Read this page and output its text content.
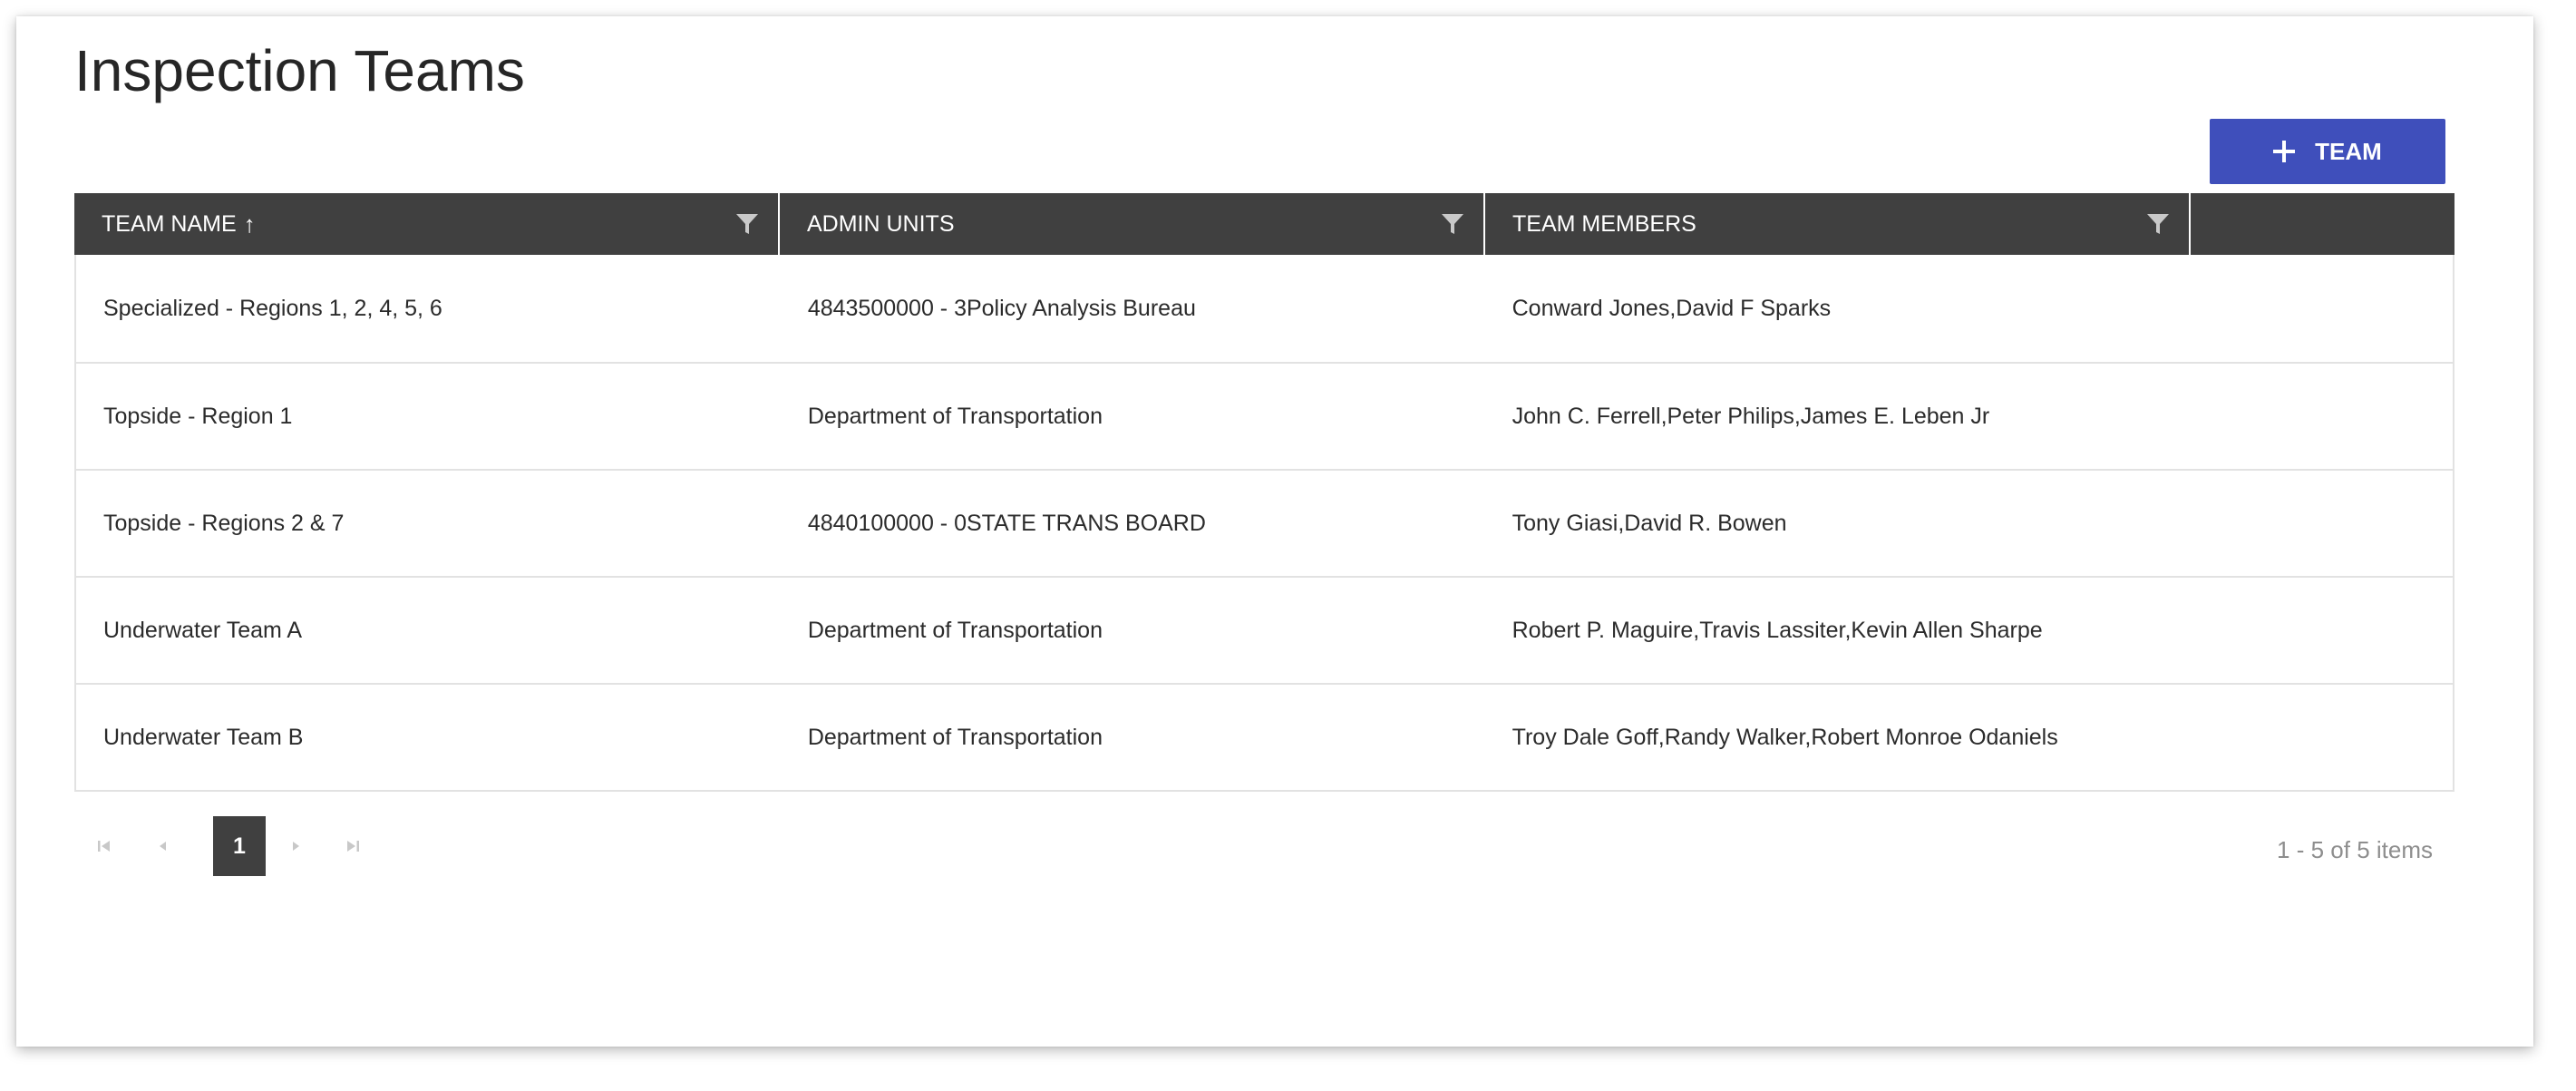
Inspection Teams
TEAM
TEAM NAME ↑	ADMIN UNITS	TEAM MEMBERS
Specialized - Regions 1, 2, 4, 5, 6	4843500000 - 3Policy Analysis Bureau	Conward Jones,David F Sparks
Topside - Region 1	Department of Transportation	John C. Ferrell,Peter Philips,James E. Leben Jr
Topside - Regions 2 & 7	4840100000 - 0STATE TRANS BOARD	Tony Giasi,David R. Bowen
Underwater Team A	Department of Transportation	Robert P. Maguire,Travis Lassiter,Kevin Allen Sharpe
Underwater Team B	Department of Transportation	Troy Dale Goff,Randy Walker,Robert Monroe Odaniels
1	1 - 5 of 5 items
